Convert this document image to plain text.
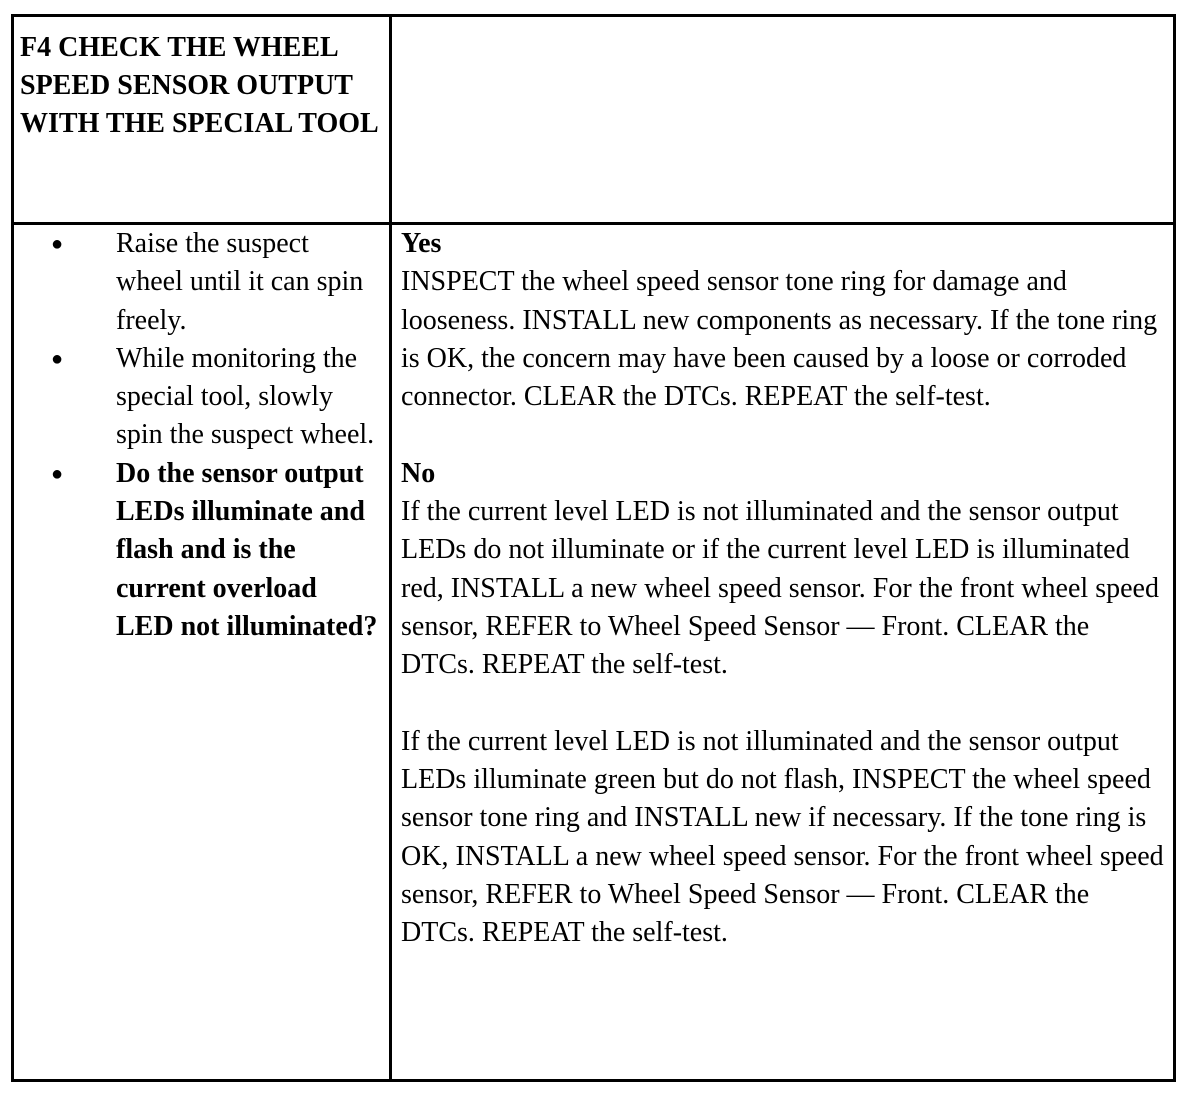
F4 CHECK THE WHEEL SPEED SENSOR OUTPUT WITH THE SPECIAL TOOL
● Raise the suspect wheel until it can spin freely.
● While monitoring the special tool, slowly spin the suspect wheel.
● Do the sensor output LEDs illuminate and flash and is the current overload LED not illuminated?

Yes

INSPECT the wheel speed sensor tone ring for damage and looseness. INSTALL new components as necessary. If the tone ring is OK, the concern may have been caused by a loose or corroded connector. CLEAR the DTCs. REPEAT the self-test.

No

If the current level LED is not illuminated and the sensor output LEDs do not illuminate or if the current level LED is illuminated red, INSTALL a new wheel speed sensor. For the front wheel speed sensor, REFER to Wheel Speed Sensor — Front. CLEAR the DTCs. REPEAT the self-test.

If the current level LED is not illuminated and the sensor output LEDs illuminate green but do not flash, INSPECT the wheel speed sensor tone ring and INSTALL new if necessary. If the tone ring is OK, INSTALL a new wheel speed sensor. For the front wheel speed sensor, REFER to Wheel Speed Sensor — Front. CLEAR the DTCs. REPEAT the self-test.
